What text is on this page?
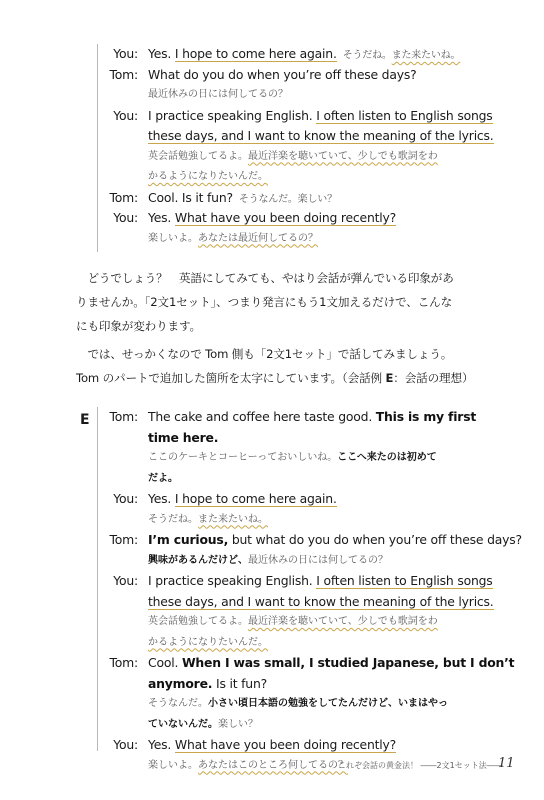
You: Yes. I hope to come here again. そうだね。また来たいね。
Tom: What do you do when you’re off these days?
最近休みの日には何してるの？
You: I practice speaking English. I often listen to English songs
these days, and I want to know the meaning of the lyrics.
英会話勉強してるよ。最近洋楽を聴いていて、少しでも歌詞をわ
かるようになりたいんだ。
Tom: Cool. Is it fun? そうなんだ。楽しい？
You: Yes. What have you been doing recently?
楽しいよ。あなたは最近何してるの？
　どうでしょう？　英語にしてみても、やはり会話が弾んでいる印象があ
りませんか。「2文1セット」、つまり発言にもう1文加えるだけで、こんな
にも印象が変わります。
　では、せっかくなので Tom 側も「2文1セット」で話してみましょう。
Tom のパートで追加した箇所を太字にしています。（会話例 E：会話の理想）
E Tom: The cake and coffee here taste good. This is my first
time here.
ここのケーキとコーヒーっておいしいね。ここへ来たのは初めて
だよ。
You: Yes. I hope to come here again.
そうだね。また来たいね。
Tom: I’m curious, but what do you do when you’re off these days?
興味があるんだけど、最近休みの日には何してるの？
You: I practice speaking English. I often listen to English songs
these days, and I want to know the meaning of the lyrics.
英会話勉強してるよ。最近洋楽を聴いていて、少しでも歌詞をわ
かるようになりたいんだ。
Tom: Cool. When I was small, I studied Japanese, but I don’t
anymore. Is it fun?
そうなんだ。小さい頃日本語の勉強をしてたんだけど、いまはやっ
ていないんだ。楽しい？
You: Yes. What have you been doing recently?
楽しいよ。あなたはこのところ何してるの？
これぞ会話の黄金法！ ――2文1セット法――
11
